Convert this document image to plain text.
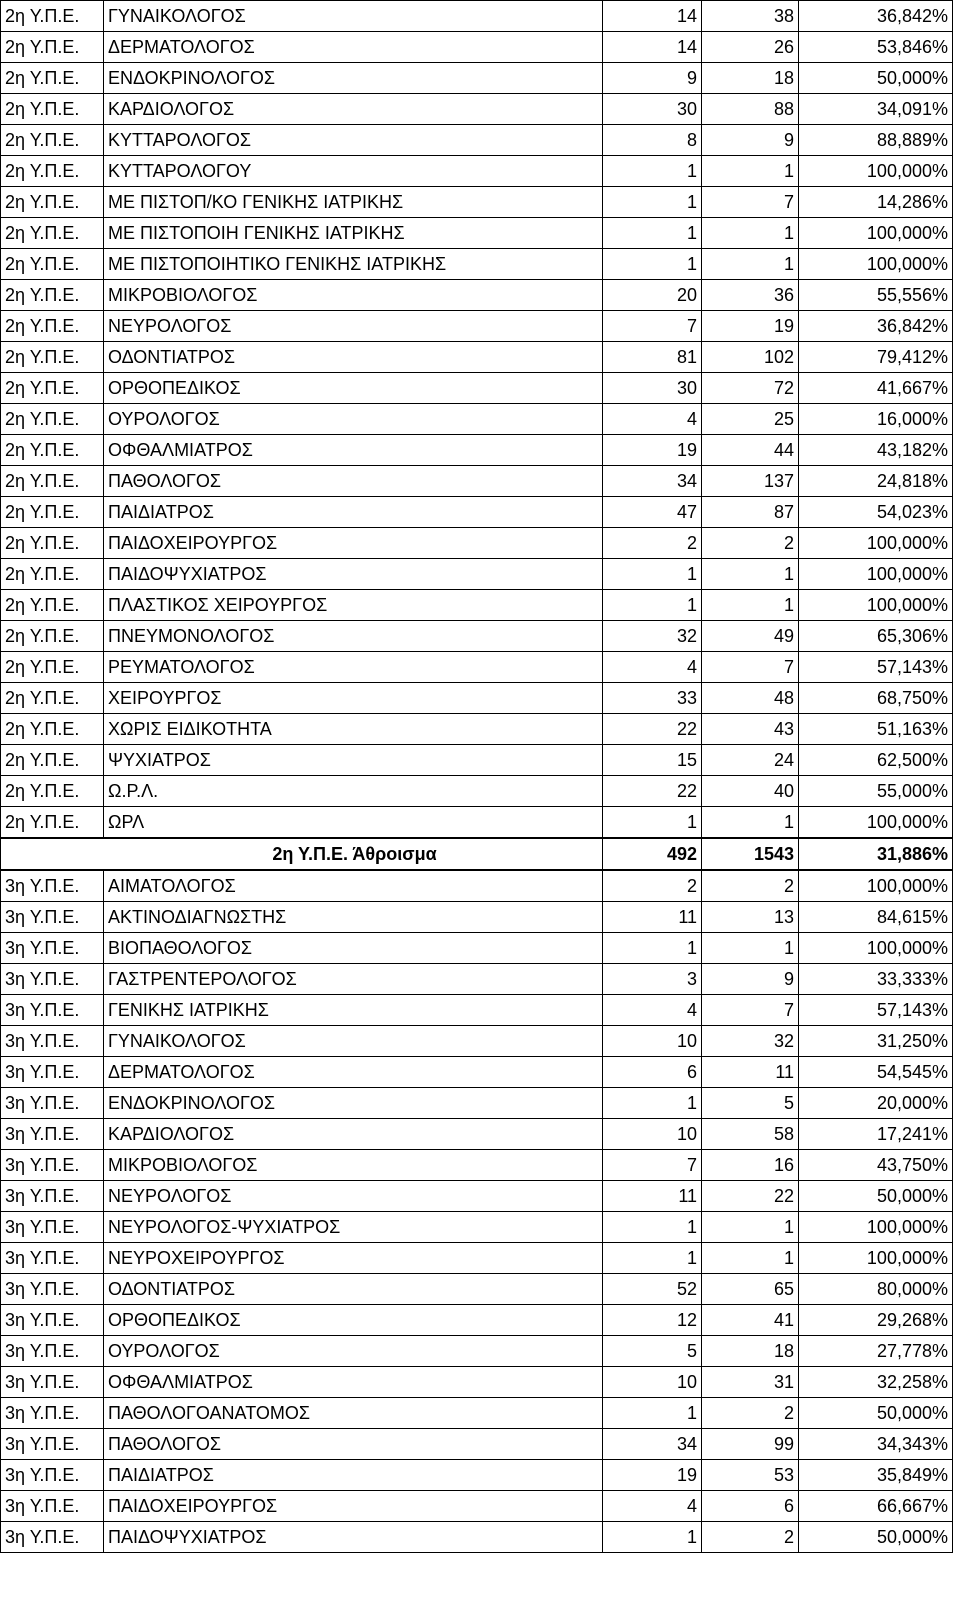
2η Υ.Π.Ε.	ΓΥΝΑΙΚΟΛΟΓΟΣ	14	38	36,842%
2η Υ.Π.Ε.	ΔΕΡΜΑΤΟΛΟΓΟΣ	14	26	53,846%
2η Υ.Π.Ε.	ΕΝΔΟΚΡΙΝΟΛΟΓΟΣ	9	18	50,000%
2η Υ.Π.Ε.	ΚΑΡΔΙΟΛΟΓΟΣ	30	88	34,091%
2η Υ.Π.Ε.	ΚΥΤΤΑΡΟΛΟΓΟΣ	8	9	88,889%
2η Υ.Π.Ε.	ΚΥΤΤΑΡΟΛΟΓΟΥ	1	1	100,000%
2η Υ.Π.Ε.	ΜΕ ΠΙΣΤΟΠ/ΚΟ ΓΕΝΙΚΗΣ ΙΑΤΡΙΚΗΣ	1	7	14,286%
2η Υ.Π.Ε.	ΜΕ ΠΙΣΤΟΠΟΙΗ ΓΕΝΙΚΗΣ ΙΑΤΡΙΚΗΣ	1	1	100,000%
2η Υ.Π.Ε.	ΜΕ ΠΙΣΤΟΠΟΙΗΤΙΚΟ ΓΕΝΙΚΗΣ ΙΑΤΡΙΚΗΣ	1	1	100,000%
2η Υ.Π.Ε.	ΜΙΚΡΟΒΙΟΛΟΓΟΣ	20	36	55,556%
2η Υ.Π.Ε.	ΝΕΥΡΟΛΟΓΟΣ	7	19	36,842%
2η Υ.Π.Ε.	ΟΔΟΝΤΙΑΤΡΟΣ	81	102	79,412%
2η Υ.Π.Ε.	ΟΡΘΟΠΕΔΙΚΟΣ	30	72	41,667%
2η Υ.Π.Ε.	ΟΥΡΟΛΟΓΟΣ	4	25	16,000%
2η Υ.Π.Ε.	ΟΦΘΑΛΜΙΑΤΡΟΣ	19	44	43,182%
2η Υ.Π.Ε.	ΠΑΘΟΛΟΓΟΣ	34	137	24,818%
2η Υ.Π.Ε.	ΠΑΙΔΙΑΤΡΟΣ	47	87	54,023%
2η Υ.Π.Ε.	ΠΑΙΔΟΧΕΙΡΟΥΡΓΟΣ	2	2	100,000%
2η Υ.Π.Ε.	ΠΑΙΔΟΨΥΧΙΑΤΡΟΣ	1	1	100,000%
2η Υ.Π.Ε.	ΠΛΑΣΤΙΚΟΣ ΧΕΙΡΟΥΡΓΟΣ	1	1	100,000%
2η Υ.Π.Ε.	ΠΝΕΥΜΟΝΟΛΟΓΟΣ	32	49	65,306%
2η Υ.Π.Ε.	ΡΕΥΜΑΤΟΛΟΓΟΣ	4	7	57,143%
2η Υ.Π.Ε.	ΧΕΙΡΟΥΡΓΟΣ	33	48	68,750%
2η Υ.Π.Ε.	ΧΩΡΙΣ ΕΙΔΙΚΟΤΗΤΑ	22	43	51,163%
2η Υ.Π.Ε.	ΨΥΧΙΑΤΡΟΣ	15	24	62,500%
2η Υ.Π.Ε.	Ω.Ρ.Λ.	22	40	55,000%
2η Υ.Π.Ε.	ΩΡΛ	1	1	100,000%
2η Υ.Π.Ε. Άθροισμα		492	1543	31,886%
3η Υ.Π.Ε.	ΑΙΜΑΤΟΛΟΓΟΣ	2	2	100,000%
3η Υ.Π.Ε.	ΑΚΤΙΝΟΔΙΑΓΝΩΣΤΗΣ	11	13	84,615%
3η Υ.Π.Ε.	ΒΙΟΠΑΘΟΛΟΓΟΣ	1	1	100,000%
3η Υ.Π.Ε.	ΓΑΣΤΡΕΝΤΕΡΟΛΟΓΟΣ	3	9	33,333%
3η Υ.Π.Ε.	ΓΕΝΙΚΗΣ ΙΑΤΡΙΚΗΣ	4	7	57,143%
3η Υ.Π.Ε.	ΓΥΝΑΙΚΟΛΟΓΟΣ	10	32	31,250%
3η Υ.Π.Ε.	ΔΕΡΜΑΤΟΛΟΓΟΣ	6	11	54,545%
3η Υ.Π.Ε.	ΕΝΔΟΚΡΙΝΟΛΟΓΟΣ	1	5	20,000%
3η Υ.Π.Ε.	ΚΑΡΔΙΟΛΟΓΟΣ	10	58	17,241%
3η Υ.Π.Ε.	ΜΙΚΡΟΒΙΟΛΟΓΟΣ	7	16	43,750%
3η Υ.Π.Ε.	ΝΕΥΡΟΛΟΓΟΣ	11	22	50,000%
3η Υ.Π.Ε.	ΝΕΥΡΟΛΟΓΟΣ-ΨΥΧΙΑΤΡΟΣ	1	1	100,000%
3η Υ.Π.Ε.	ΝΕΥΡΟΧΕΙΡΟΥΡΓΟΣ	1	1	100,000%
3η Υ.Π.Ε.	ΟΔΟΝΤΙΑΤΡΟΣ	52	65	80,000%
3η Υ.Π.Ε.	ΟΡΘΟΠΕΔΙΚΟΣ	12	41	29,268%
3η Υ.Π.Ε.	ΟΥΡΟΛΟΓΟΣ	5	18	27,778%
3η Υ.Π.Ε.	ΟΦΘΑΛΜΙΑΤΡΟΣ	10	31	32,258%
3η Υ.Π.Ε.	ΠΑΘΟΛΟΓΟΑΝΑΤΟΜΟΣ	1	2	50,000%
3η Υ.Π.Ε.	ΠΑΘΟΛΟΓΟΣ	34	99	34,343%
3η Υ.Π.Ε.	ΠΑΙΔΙΑΤΡΟΣ	19	53	35,849%
3η Υ.Π.Ε.	ΠΑΙΔΟΧΕΙΡΟΥΡΓΟΣ	4	6	66,667%
3η Υ.Π.Ε.	ΠΑΙΔΟΨΥΧΙΑΤΡΟΣ	1	2	50,000%
